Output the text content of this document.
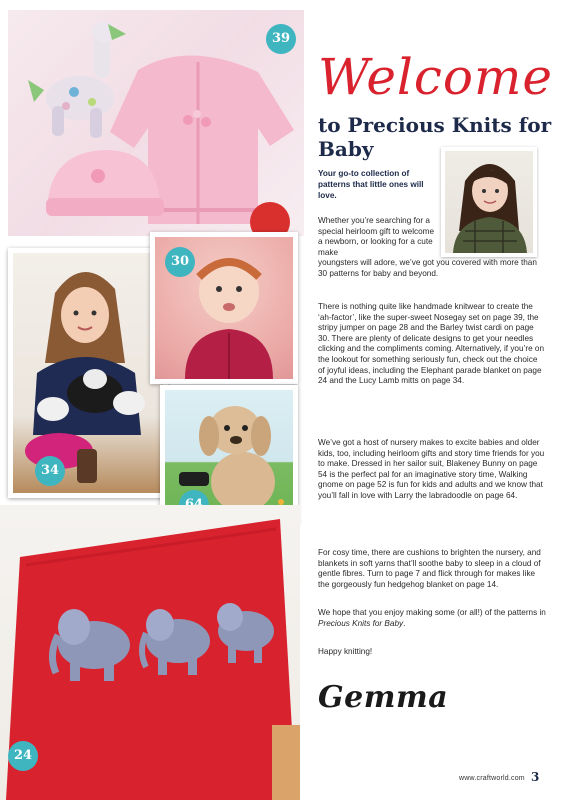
39
34
30
24
Welcome
to Precious Knits for Baby
Your go-to collection of patterns that little ones will love.
Whether you’re searching for a special heirloom gift to welcome a newborn, or looking for a cute make
youngsters will adore, we’ve got you covered with more than 30 patterns for baby and beyond.
There is nothing quite like handmade knitwear to create the ‘ah-factor’, like the super-sweet Nosegay set on page 39, the stripy jumper on page 28 and the Barley twist cardi on page 30. There are plenty of delicate designs to get your needles clicking and the compliments coming. Alternatively, if you’re on the lookout for something seriously fun, check out the choice of joyful ideas, including the Elephant parade blanket on page 24 and the Lucy Lamb mitts on page 34.
We’ve got a host of nursery makes to excite babies and older kids, too, including heirloom gifts and story time friends for you to make. Dressed in her sailor suit, Blakeney Bunny on page 54 is the perfect pal for an imaginative story time, Walking gnome on page 52 is fun for kids and adults and we know that you’ll fall in love with Larry the labradoodle on page 64.
For cosy time, there are cushions to brighten the nursery, and blankets in soft yarns that’ll soothe baby to sleep in a cloud of gentle fibres. Turn to page 7 and flick through for makes like the gorgeously fun hedgehog blanket on page 14.
We hope that you enjoy making some (or all!) of the patterns in Precious Knits for Baby.
Happy knitting!
Gemma
www.craftworld.com 3
